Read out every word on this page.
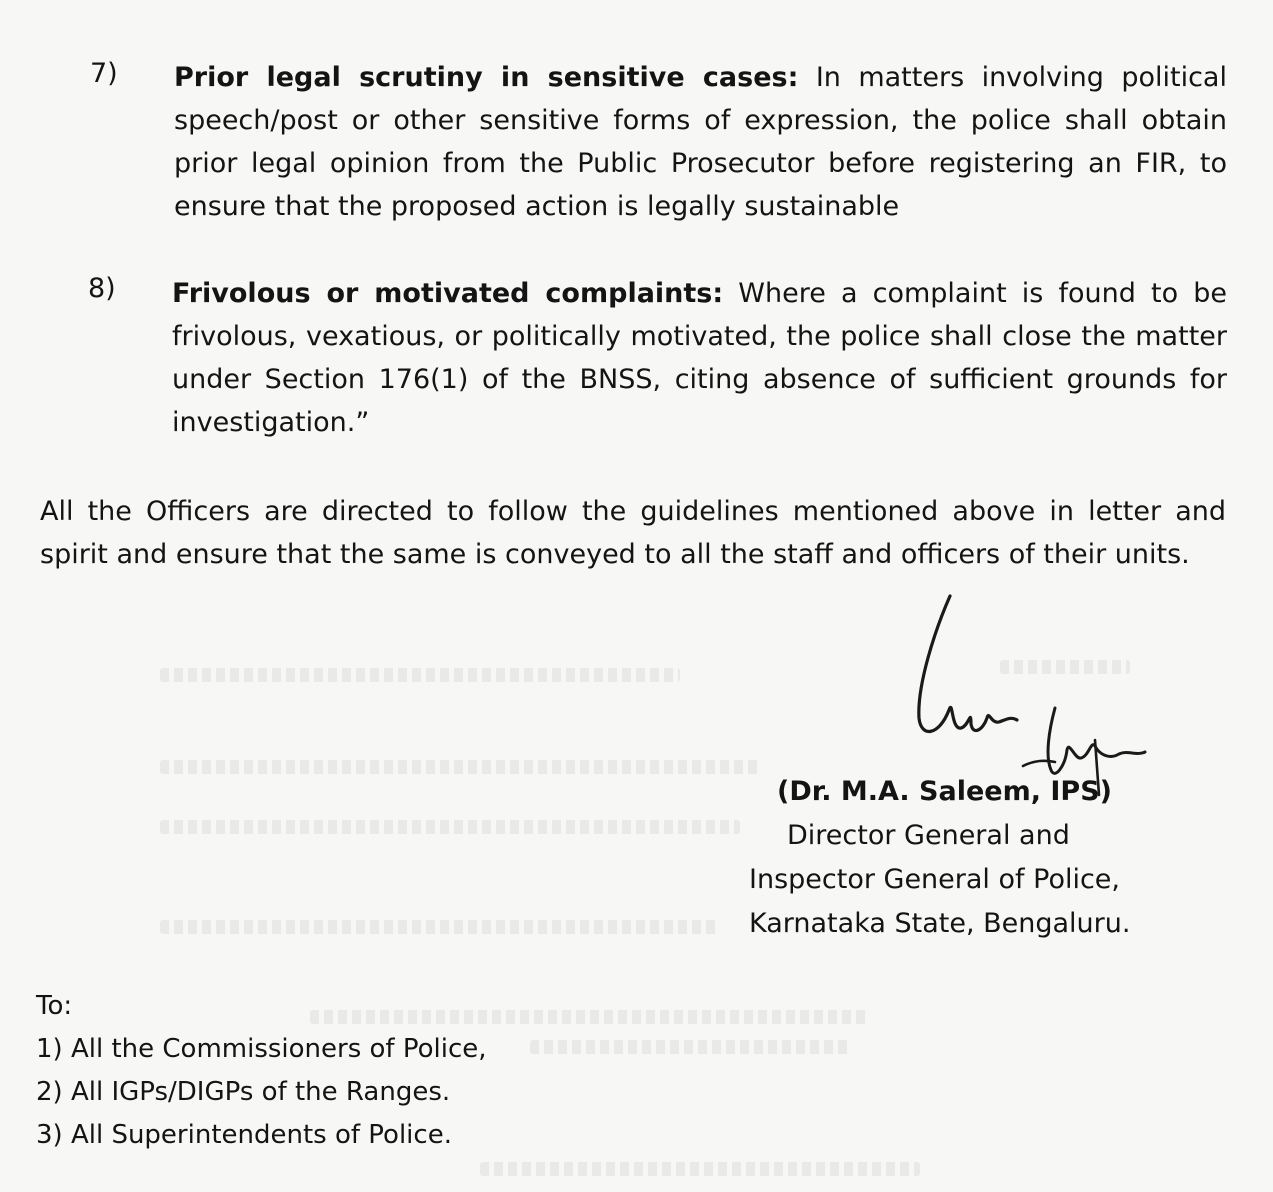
7) Prior legal scrutiny in sensitive cases: In matters involving political speech/post or other sensitive forms of expression, the police shall obtain prior legal opinion from the Public Prosecutor before registering an FIR, to ensure that the proposed action is legally sustainable
8) Frivolous or motivated complaints: Where a complaint is found to be frivolous, vexatious, or politically motivated, the police shall close the matter under Section 176(1) of the BNSS, citing absence of sufficient grounds for investigation.”
All the Officers are directed to follow the guidelines mentioned above in letter and spirit and ensure that the same is conveyed to all the staff and officers of their units.
(Dr. M.A. Saleem, IPS)
Director General and
Inspector General of Police,
Karnataka State, Bengaluru.
To:
1) All the Commissioners of Police,
2) All IGPs/DIGPs of the Ranges.
3) All Superintendents of Police.
